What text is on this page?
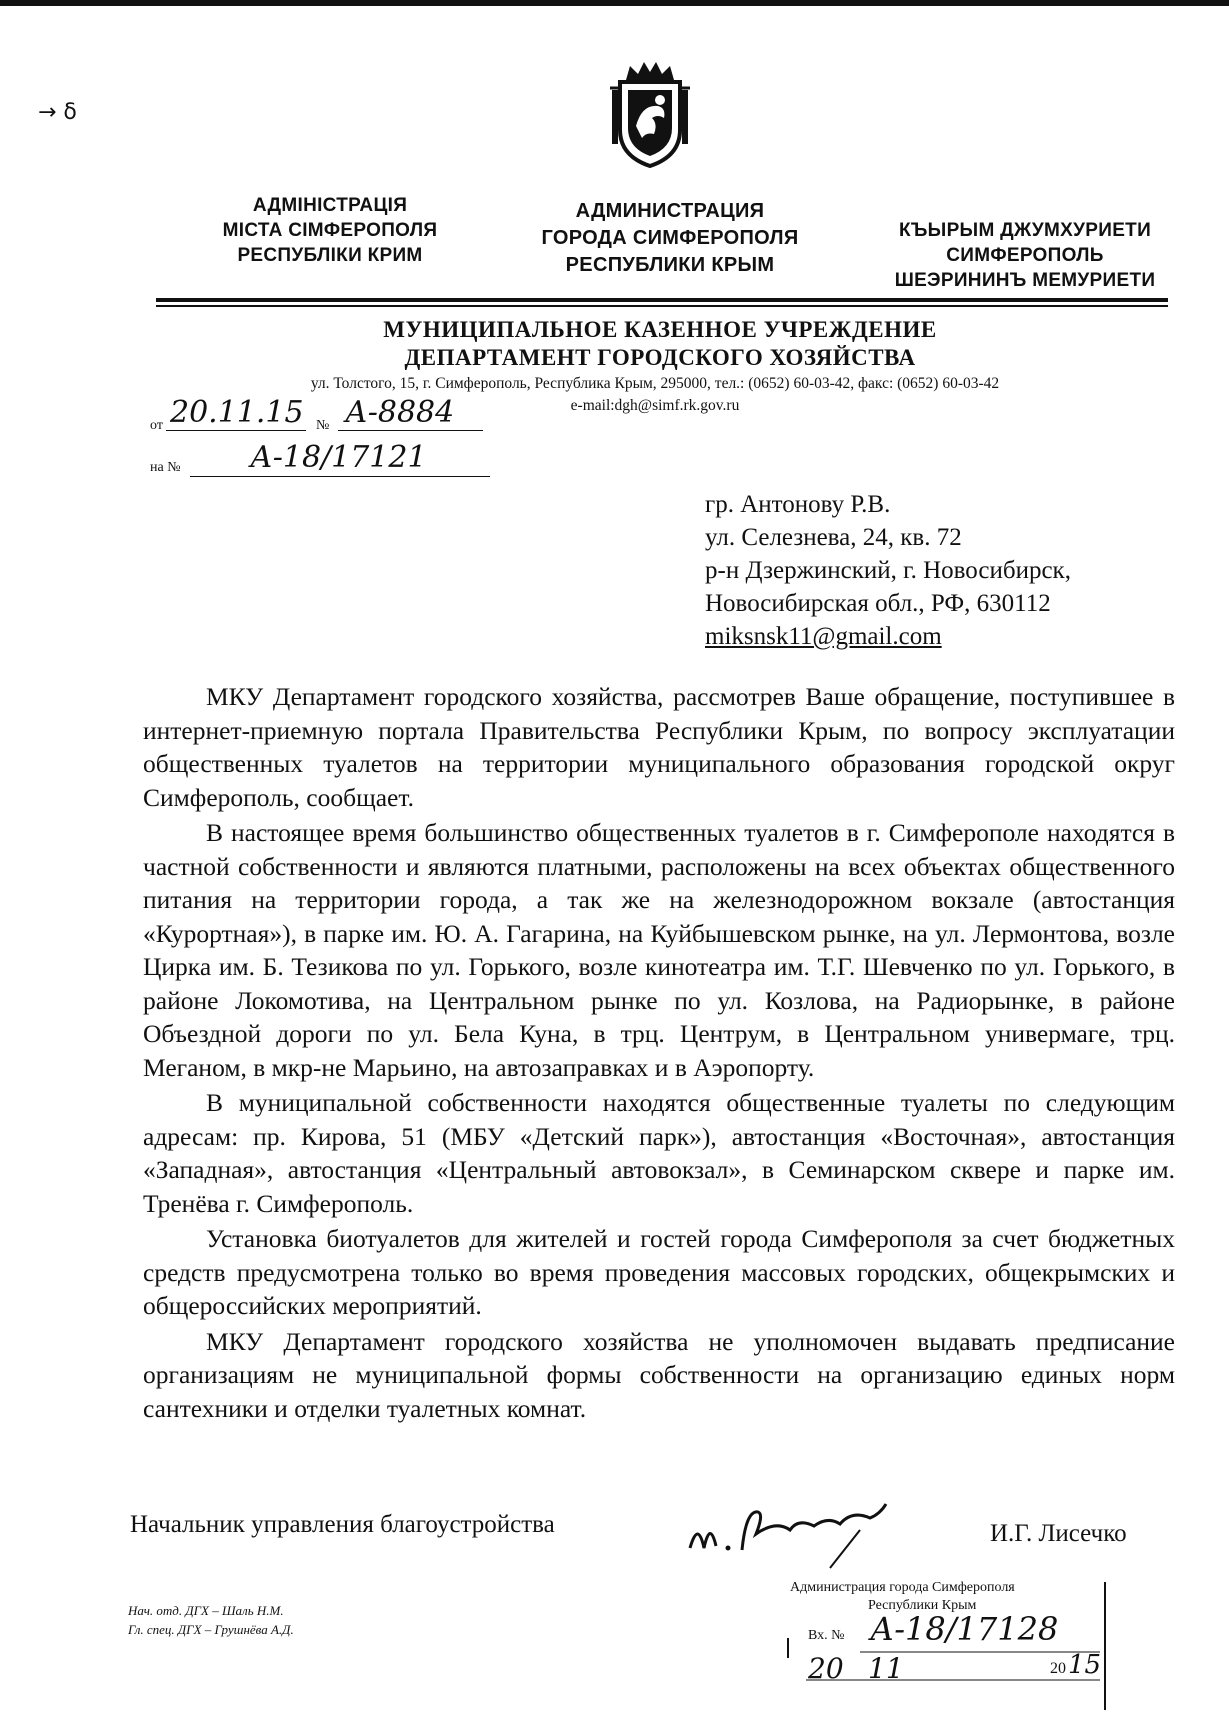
→ ẟ
АДМІНІСТРАЦІЯ
МІСТА СІМФЕРОПОЛЯ
РЕСПУБЛІКИ КРИМ
АДМИНИСТРАЦИЯ
ГОРОДА СИМФЕРОПОЛЯ
РЕСПУБЛИКИ КРЫМ
КЪЫРЫМ ДЖУМХУРИЕТИ
СИМФЕРОПОЛЬ
ШЕЭРИНИНЪ МЕМУРИЕТИ
МУНИЦИПАЛЬНОЕ КАЗЕННОЕ УЧРЕЖДЕНИЕ
ДЕПАРТАМЕНТ ГОРОДСКОГО ХОЗЯЙСТВА
ул. Толстого, 15, г. Симферополь, Республика Крым, 295000, тел.: (0652) 60-03-42, факс: (0652) 60-03-42
e-mail:dgh@simf.rk.gov.ru
от 20.11.15 № А-8884
на № А-18/17121
гр. Антонову Р.В.
ул. Селезнева, 24, кв. 72
р-н Дзержинский, г. Новосибирск,
Новосибирская обл., РФ, 630112
miksnsk11@gmail.com

МКУ Департамент городского хозяйства, рассмотрев Ваше обращение, поступившее в интернет-приемную портала Правительства Республики Крым, по вопросу эксплуатации общественных туалетов на территории муниципального образования городской округ Симферополь, сообщает.

В настоящее время большинство общественных туалетов в г. Симферополе находятся в частной собственности и являются платными, расположены на всех объектах общественного питания на территории города, а так же на железнодорожном вокзале (автостанция «Курортная»), в парке им. Ю. А. Гагарина, на Куйбышевском рынке, на ул. Лермонтова, возле Цирка им. Б. Тезикова по ул. Горького, возле кинотеатра им. Т.Г. Шевченко по ул. Горького, в районе Локомотива, на Центральном рынке по ул. Козлова, на Радиорынке, в районе Объездной дороги по ул. Бела Куна, в трц. Центрум, в Центральном универмаге, трц. Меганом, в мкр-не Марьино, на автозаправках и в Аэропорту.

В муниципальной собственности находятся общественные туалеты по следующим адресам: пр. Кирова, 51 (МБУ «Детский парк»), автостанция «Восточная», автостанция «Западная», автостанция «Центральный автовокзал», в Семинарском сквере и парке им. Тренёва г. Симферополь.

Установка биотуалетов для жителей и гостей города Симферополя за счет бюджетных средств предусмотрена только во время проведения массовых городских, общекрымских и общероссийских мероприятий.

МКУ Департамент городского хозяйства не уполномочен выдавать предписание организациям не муниципальной формы собственности на организацию единых норм сантехники и отделки туалетных комнат.

Начальник управления благоустройства	И.Г. Лисечко
Нач. отд. ДГХ – Шаль Н.М.
Гл. спец. ДГХ – Грушнёва А.Д.
Администрация города Симферополя
Республики Крым
Вх. № А-18/17128
20 11	20 15
